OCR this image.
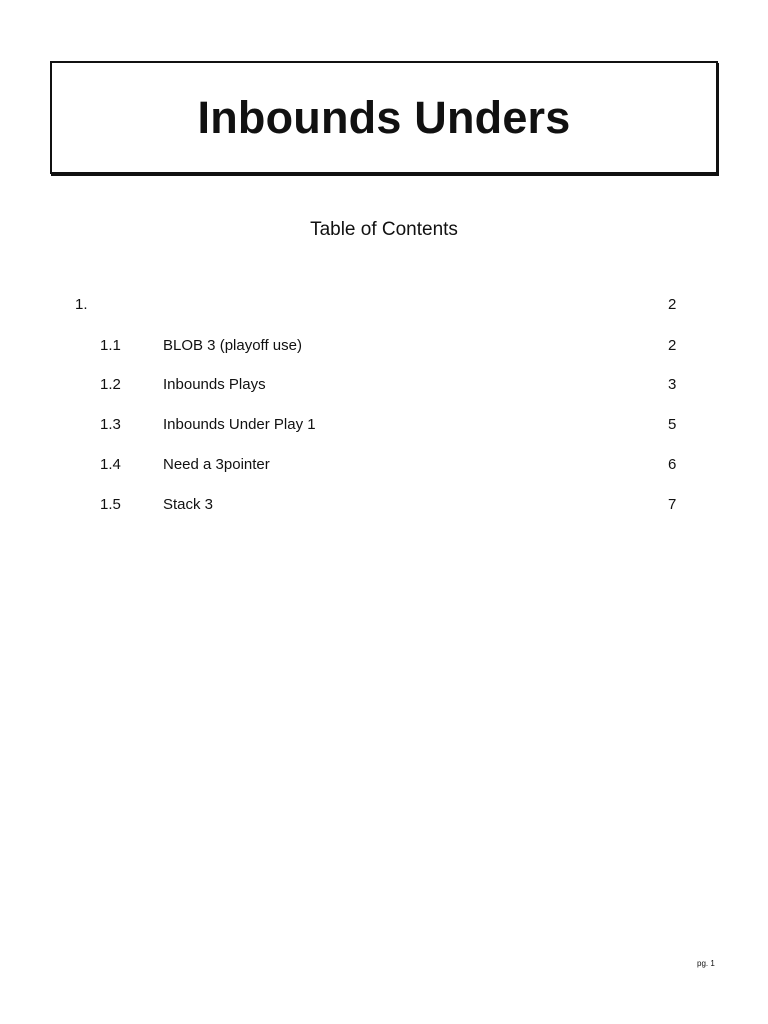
Inbounds Unders
Table of Contents
1.	2
1.1	BLOB 3 (playoff use)	2
1.2	Inbounds Plays	3
1.3	Inbounds Under Play 1	5
1.4	Need a 3pointer	6
1.5	Stack 3	7
pg. 1
